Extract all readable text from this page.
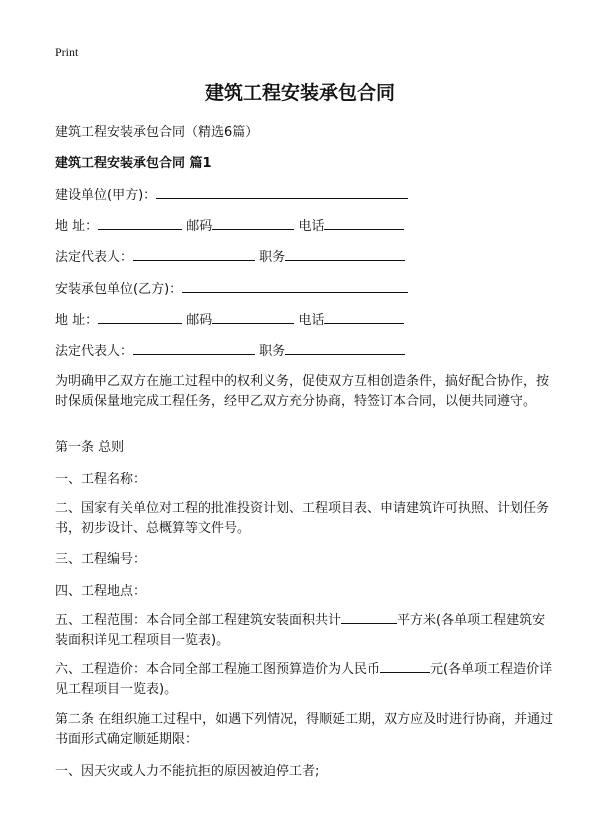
Print
建筑工程安装承包合同
建筑工程安装承包合同（精选6篇）
建筑工程安装承包合同 篇1
建设单位(甲方)：
地 址：	邮码	电话
法定代表人：	职务
安装承包单位(乙方)：
地 址：	邮码	电话
法定代表人：	职务
为明确甲乙双方在施工过程中的权利义务，促使双方互相创造条件，搞好配合协作，按时保质保量地完成工程任务，经甲乙双方充分协商，特签订本合同，以便共同遵守。
第一条 总则
一、工程名称：
二、国家有关单位对工程的批准投资计划、工程项目表、申请建筑许可执照、计划任务书，初步设计、总概算等文件号。
三、工程编号：
四、工程地点：
五、工程范围：本合同全部工程建筑安装面积共计	平方米(各单项工程建筑安装面积详见工程项目一览表)。
六、工程造价：本合同全部工程施工图预算造价为人民币	元(各单项工程造价详见工程项目一览表)。
第二条 在组织施工过程中，如遇下列情况，得顺延工期，双方应及时进行协商，并通过书面形式确定顺延期限：
一、因天灾或人力不能抗拒的原因被迫停工者;
